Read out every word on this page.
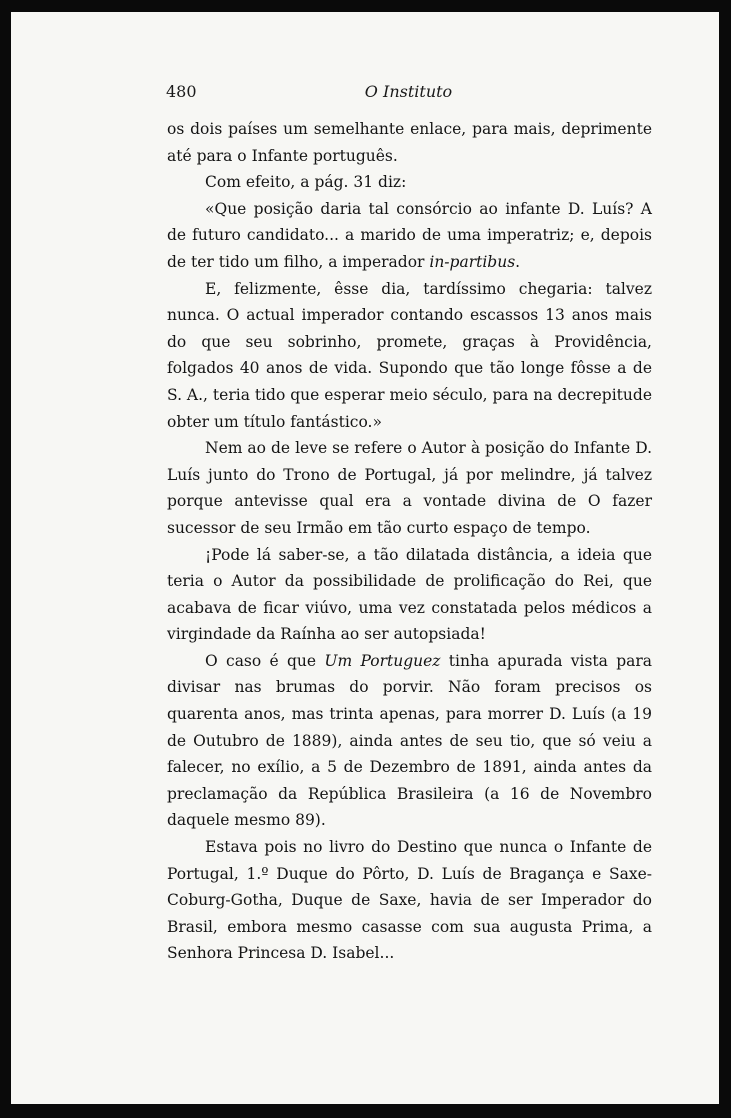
480	O Instituto

os dois países um semelhante enlace, para mais, deprimente até para o Infante português.

Com efeito, a pág. 31 diz:

«Que posição daria tal consórcio ao infante D. Luís? A de futuro candidato... a marido de uma imperatriz; e, depois de ter tido um filho, a imperador in-partibus.

E, felizmente, êsse dia, tardíssimo chegaria: talvez nunca. O actual imperador contando escassos 13 anos mais do que seu sobrinho, promete, graças à Providência, folgados 40 anos de vida. Supondo que tão longe fôsse a de S. A., teria tido que esperar meio século, para na decrepitude obter um título fantástico.»

Nem ao de leve se refere o Autor à posição do Infante D. Luís junto do Trono de Portugal, já por melindre, já talvez porque antevisse qual era a vontade divina de O fazer sucessor de seu Irmão em tão curto espaço de tempo.

¡Pode lá saber-se, a tão dilatada distância, a ideia que teria o Autor da possibilidade de prolificação do Rei, que acabava de ficar viúvo, uma vez constatada pelos médicos a virgindade da Raínha ao ser autopsiada!

O caso é que Um Portuguez tinha apurada vista para divisar nas brumas do porvir. Não foram precisos os quarenta anos, mas trinta apenas, para morrer D. Luís (a 19 de Outubro de 1889), ainda antes de seu tio, que só veiu a falecer, no exílio, a 5 de Dezembro de 1891, ainda antes da preclamação da República Brasileira (a 16 de Novembro daquele mesmo 89).

Estava pois no livro do Destino que nunca o Infante de Portugal, 1.º Duque do Pôrto, D. Luís de Bragança e Saxe-Coburg-Gotha, Duque de Saxe, havia de ser Imperador do Brasil, embora mesmo casasse com sua augusta Prima, a Senhora Princesa D. Isabel...
